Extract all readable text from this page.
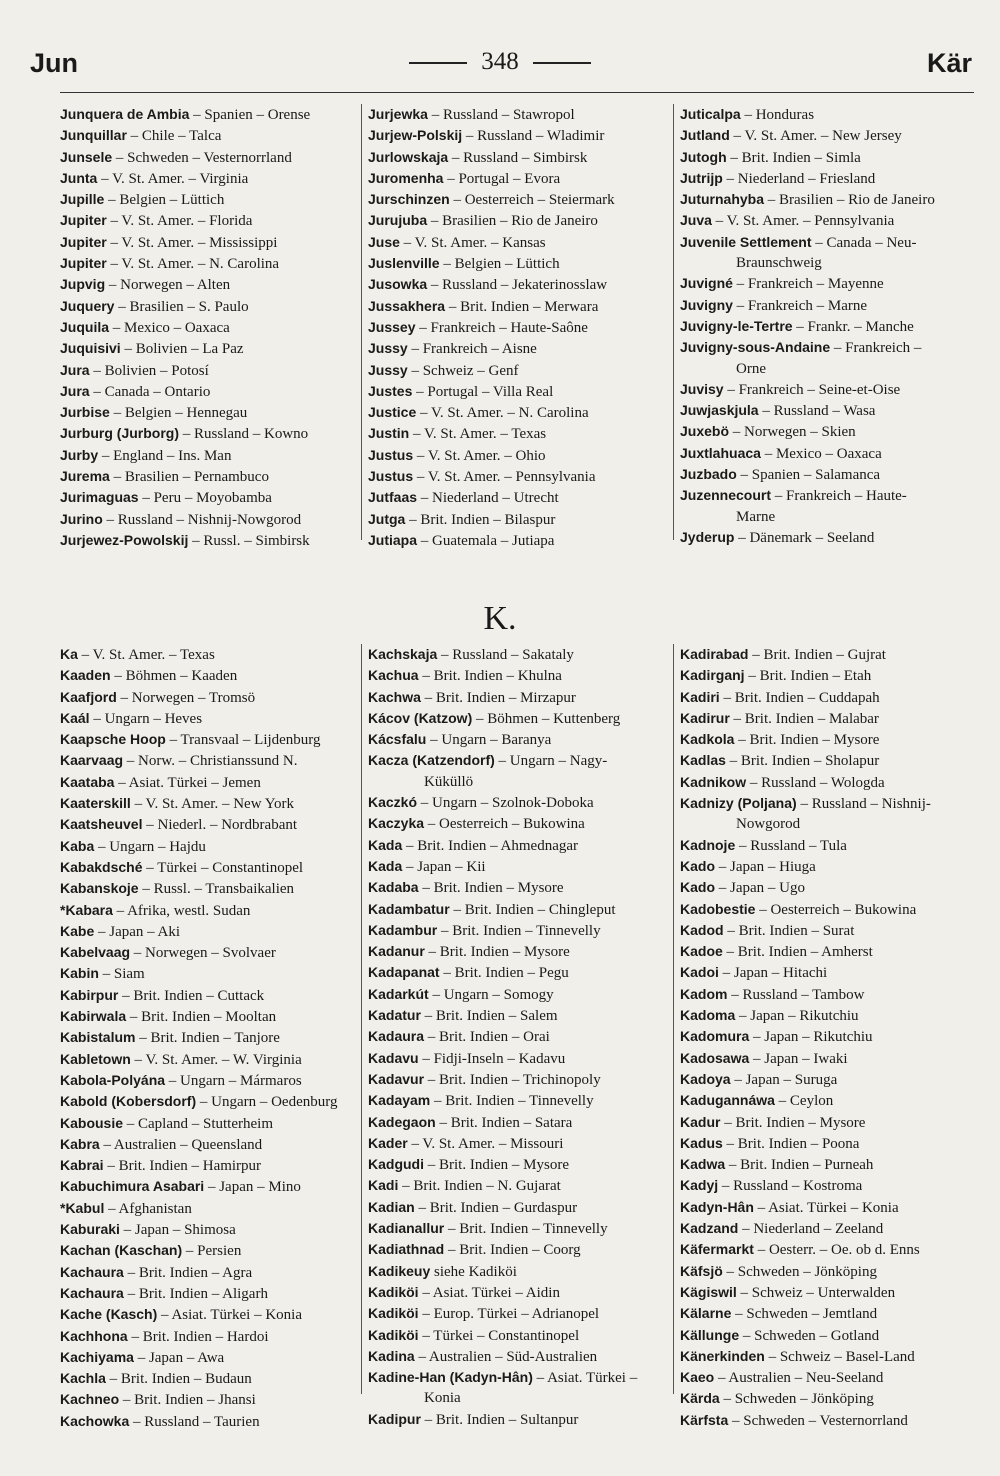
Jun	348	Kär
Junquera de Ambia – Spanien – Orense
Junquillar – Chile – Talca
Junsele – Schweden – Vesternorrland
Junta – V. St. Amer. – Virginia
Jupille – Belgien – Lüttich
Jupiter – V. St. Amer. – Florida
Jupiter – V. St. Amer. – Mississippi
Jupiter – V. St. Amer. – N. Carolina
Jupvig – Norwegen – Alten
Juquery – Brasilien – S. Paulo
Juquila – Mexico – Oaxaca
Juquisivi – Bolivien – La Paz
Jura – Bolivien – Potosí
Jura – Canada – Ontario
Jurbise – Belgien – Hennegau
Jurburg (Jurborg) – Russland – Kowno
Jurby – England – Ins. Man
Jurema – Brasilien – Pernambuco
Jurimaguas – Peru – Moyobamba
Jurino – Russland – Nishnij-Nowgorod
Jurjewez-Powolskij – Russl. – Simbirsk
Jurjewka – Russland – Stawropol
Jurjew-Polskij – Russland – Wladimir
Jurlowskaja – Russland – Simbirsk
Juromenha – Portugal – Evora
Jurschinzen – Oesterreich – Steiermark
Jurujuba – Brasilien – Rio de Janeiro
Juse – V. St. Amer. – Kansas
Juslenville – Belgien – Lüttich
Jusowka – Russland – Jekaterinosslaw
Jussakhera – Brit. Indien – Merwara
Jussey – Frankreich – Haute-Saône
Jussy – Frankreich – Aisne
Jussy – Schweiz – Genf
Justes – Portugal – Villa Real
Justice – V. St. Amer. – N. Carolina
Justin – V. St. Amer. – Texas
Justus – V. St. Amer. – Ohio
Justus – V. St. Amer. – Pennsylvania
Jutfaas – Niederland – Utrecht
Jutga – Brit. Indien – Bilaspur
Jutiapa – Guatemala – Jutiapa
Juticalpa – Honduras
Jutland – V. St. Amer. – New Jersey
Jutogh – Brit. Indien – Simla
Jutrijp – Niederland – Friesland
Juturnahyba – Brasilien – Rio de Janeiro
Juva – V. St. Amer. – Pennsylvania
Juvenile Settlement – Canada – Neu-
Braunschweig
Juvigné – Frankreich – Mayenne
Juvigny – Frankreich – Marne
Juvigny-le-Tertre – Frankr. – Manche
Juvigny-sous-Andaine – Frankreich –
Orne
Juvisy – Frankreich – Seine-et-Oise
Juwjaskjula – Russland – Wasa
Juxebö – Norwegen – Skien
Juxtlahuaca – Mexico – Oaxaca
Juzbado – Spanien – Salamanca
Juzennecourt – Frankreich – Haute-
Marne
Jyderup – Dänemark – Seeland
K.
Ka – V. St. Amer. – Texas
Kaaden – Böhmen – Kaaden
Kaafjord – Norwegen – Tromsö
Kaál – Ungarn – Heves
Kaapsche Hoop – Transvaal – Lijdenburg
Kaarvaag – Norw. – Christianssund N.
Kaataba – Asiat. Türkei – Jemen
Kaaterskill – V. St. Amer. – New York
Kaatsheuvel – Niederl. – Nordbrabant
Kaba – Ungarn – Hajdu
Kabakdsché – Türkei – Constantinopel
Kabanskoje – Russl. – Transbaikalien
*Kabara – Afrika, westl. Sudan
Kabe – Japan – Aki
Kabelvaag – Norwegen – Svolvaer
Kabin – Siam
Kabirpur – Brit. Indien – Cuttack
Kabirwala – Brit. Indien – Mooltan
Kabistalum – Brit. Indien – Tanjore
Kabletown – V. St. Amer. – W. Virginia
Kabola-Polyána – Ungarn – Mármaros
Kabold (Kobersdorf) – Ungarn – Oedenburg
Kabousie – Capland – Stutterheim
Kabra – Australien – Queensland
Kabrai – Brit. Indien – Hamirpur
Kabuchimura Asabari – Japan – Mino
*Kabul – Afghanistan
Kaburaki – Japan – Shimosa
Kachan (Kaschan) – Persien
Kachaura – Brit. Indien – Agra
Kachaura – Brit. Indien – Aligarh
Kache (Kasch) – Asiat. Türkei – Konia
Kachhona – Brit. Indien – Hardoi
Kachiyama – Japan – Awa
Kachla – Brit. Indien – Budaun
Kachneo – Brit. Indien – Jhansi
Kachowka – Russland – Taurien
Kachskaja – Russland – Sakataly
Kachua – Brit. Indien – Khulna
Kachwa – Brit. Indien – Mirzapur
Kácov (Katzow) – Böhmen – Kuttenberg
Kácsfalu – Ungarn – Baranya
Kacza (Katzendorf) – Ungarn – Nagy-
Küküllö
Kaczkó – Ungarn – Szolnok-Doboka
Kaczyka – Oesterreich – Bukowina
Kada – Brit. Indien – Ahmednagar
Kada – Japan – Kii
Kadaba – Brit. Indien – Mysore
Kadambatur – Brit. Indien – Chingleput
Kadambur – Brit. Indien – Tinnevelly
Kadanur – Brit. Indien – Mysore
Kadapanat – Brit. Indien – Pegu
Kadarkút – Ungarn – Somogy
Kadatur – Brit. Indien – Salem
Kadaura – Brit. Indien – Orai
Kadavu – Fidji-Inseln – Kadavu
Kadavur – Brit. Indien – Trichinopoly
Kadayam – Brit. Indien – Tinnevelly
Kadegaon – Brit. Indien – Satara
Kader – V. St. Amer. – Missouri
Kadgudi – Brit. Indien – Mysore
Kadi – Brit. Indien – N. Gujarat
Kadian – Brit. Indien – Gurdaspur
Kadianallur – Brit. Indien – Tinnevelly
Kadiathnad – Brit. Indien – Coorg
Kadikeuy siehe Kadiköi
Kadiköi – Asiat. Türkei – Aidin
Kadiköi – Europ. Türkei – Adrianopel
Kadiköi – Türkei – Constantinopel
Kadina – Australien – Süd-Australien
Kadine-Han (Kadyn-Hân) – Asiat. Türkei –
Konia
Kadipur – Brit. Indien – Sultanpur
Kadirabad – Brit. Indien – Gujrat
Kadirganj – Brit. Indien – Etah
Kadiri – Brit. Indien – Cuddapah
Kadirur – Brit. Indien – Malabar
Kadkola – Brit. Indien – Mysore
Kadlas – Brit. Indien – Sholapur
Kadnikow – Russland – Wologda
Kadnizy (Poljana) – Russland – Nishnij-
Nowgorod
Kadnoje – Russland – Tula
Kado – Japan – Hiuga
Kado – Japan – Ugo
Kadobestie – Oesterreich – Bukowina
Kadod – Brit. Indien – Surat
Kadoe – Brit. Indien – Amherst
Kadoi – Japan – Hitachi
Kadom – Russland – Tambow
Kadoma – Japan – Rikutchiu
Kadomura – Japan – Rikutchiu
Kadosawa – Japan – Iwaki
Kadoya – Japan – Suruga
Kadugannáwa – Ceylon
Kadur – Brit. Indien – Mysore
Kadus – Brit. Indien – Poona
Kadwa – Brit. Indien – Purneah
Kadyj – Russland – Kostroma
Kadyn-Hân – Asiat. Türkei – Konia
Kadzand – Niederland – Zeeland
Käfermarkt – Oesterr. – Oe. ob d. Enns
Käfsjö – Schweden – Jönköping
Kägiswil – Schweiz – Unterwalden
Kälarne – Schweden – Jemtland
Källunge – Schweden – Gotland
Känerkinden – Schweiz – Basel-Land
Kaeo – Australien – Neu-Seeland
Kärda – Schweden – Jönköping
Kärfsta – Schweden – Vesternorrland
